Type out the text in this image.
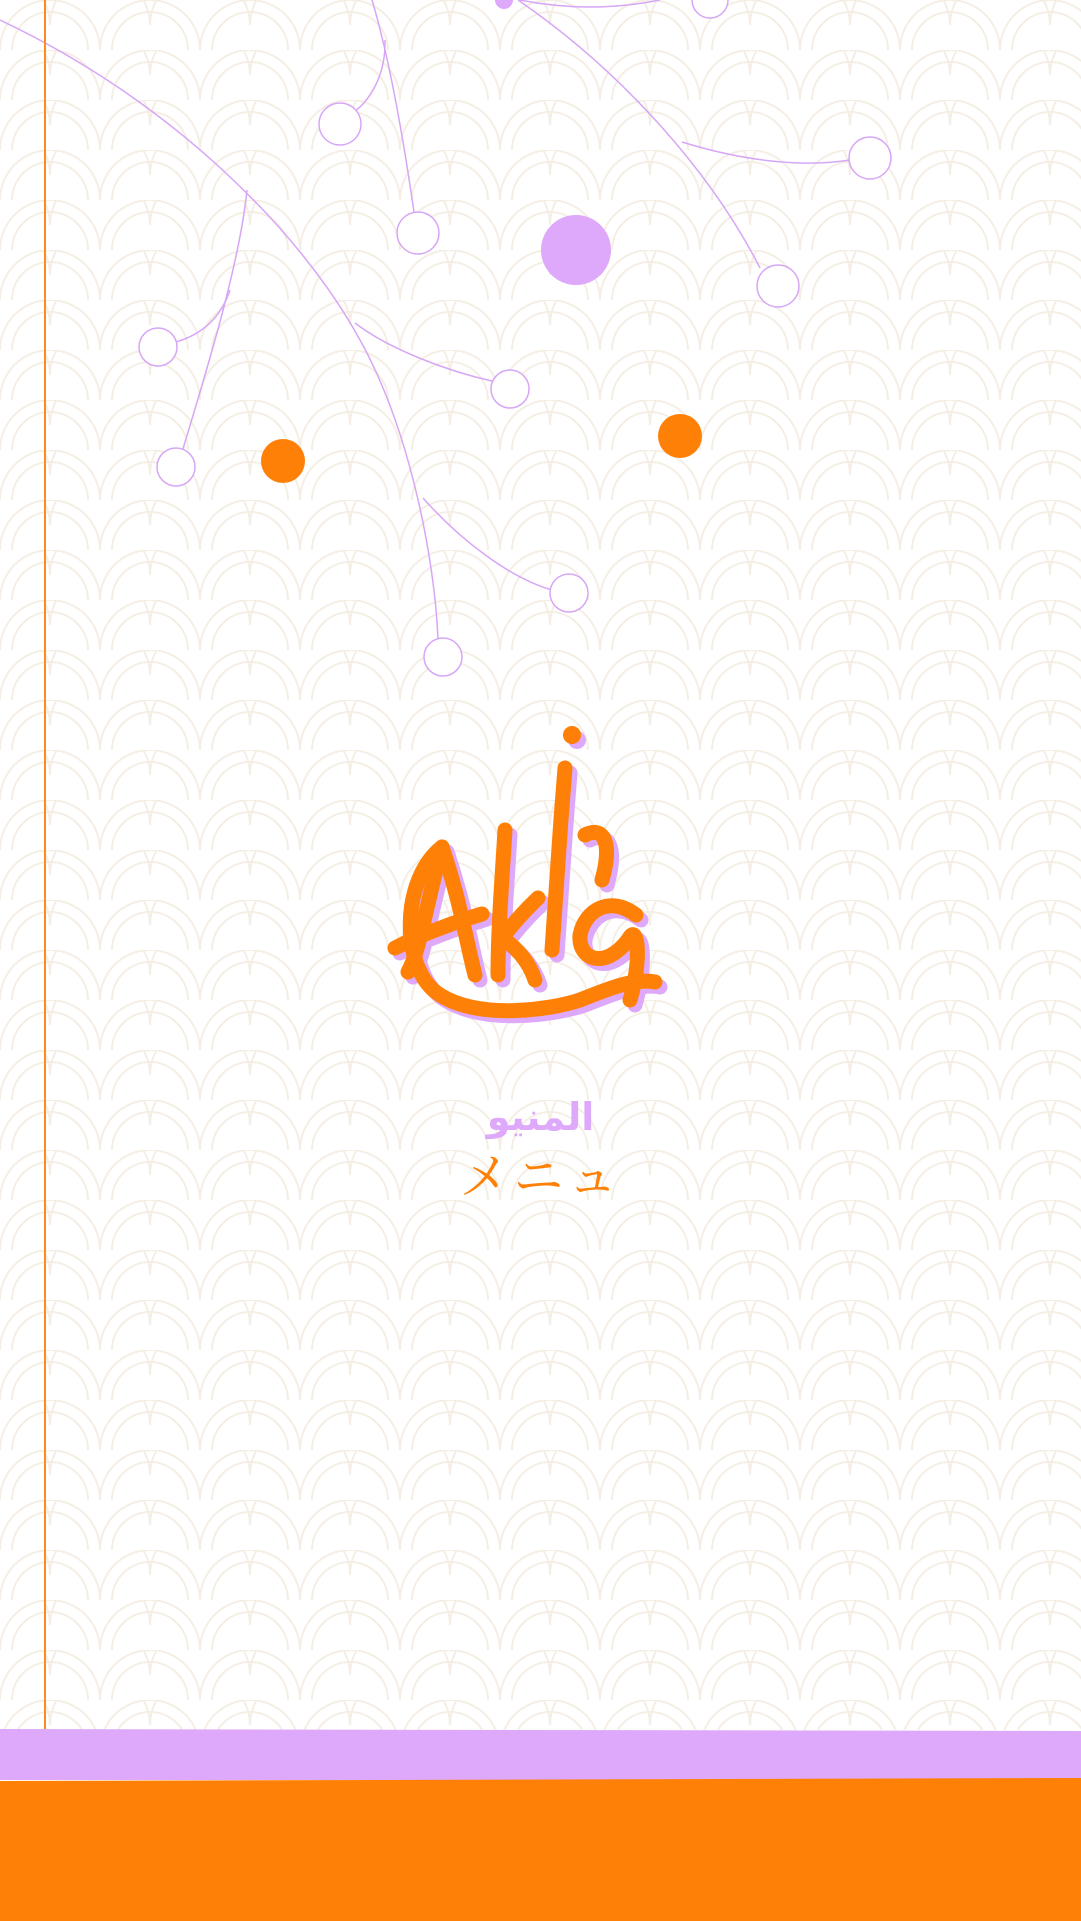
المنيو
メニュ
